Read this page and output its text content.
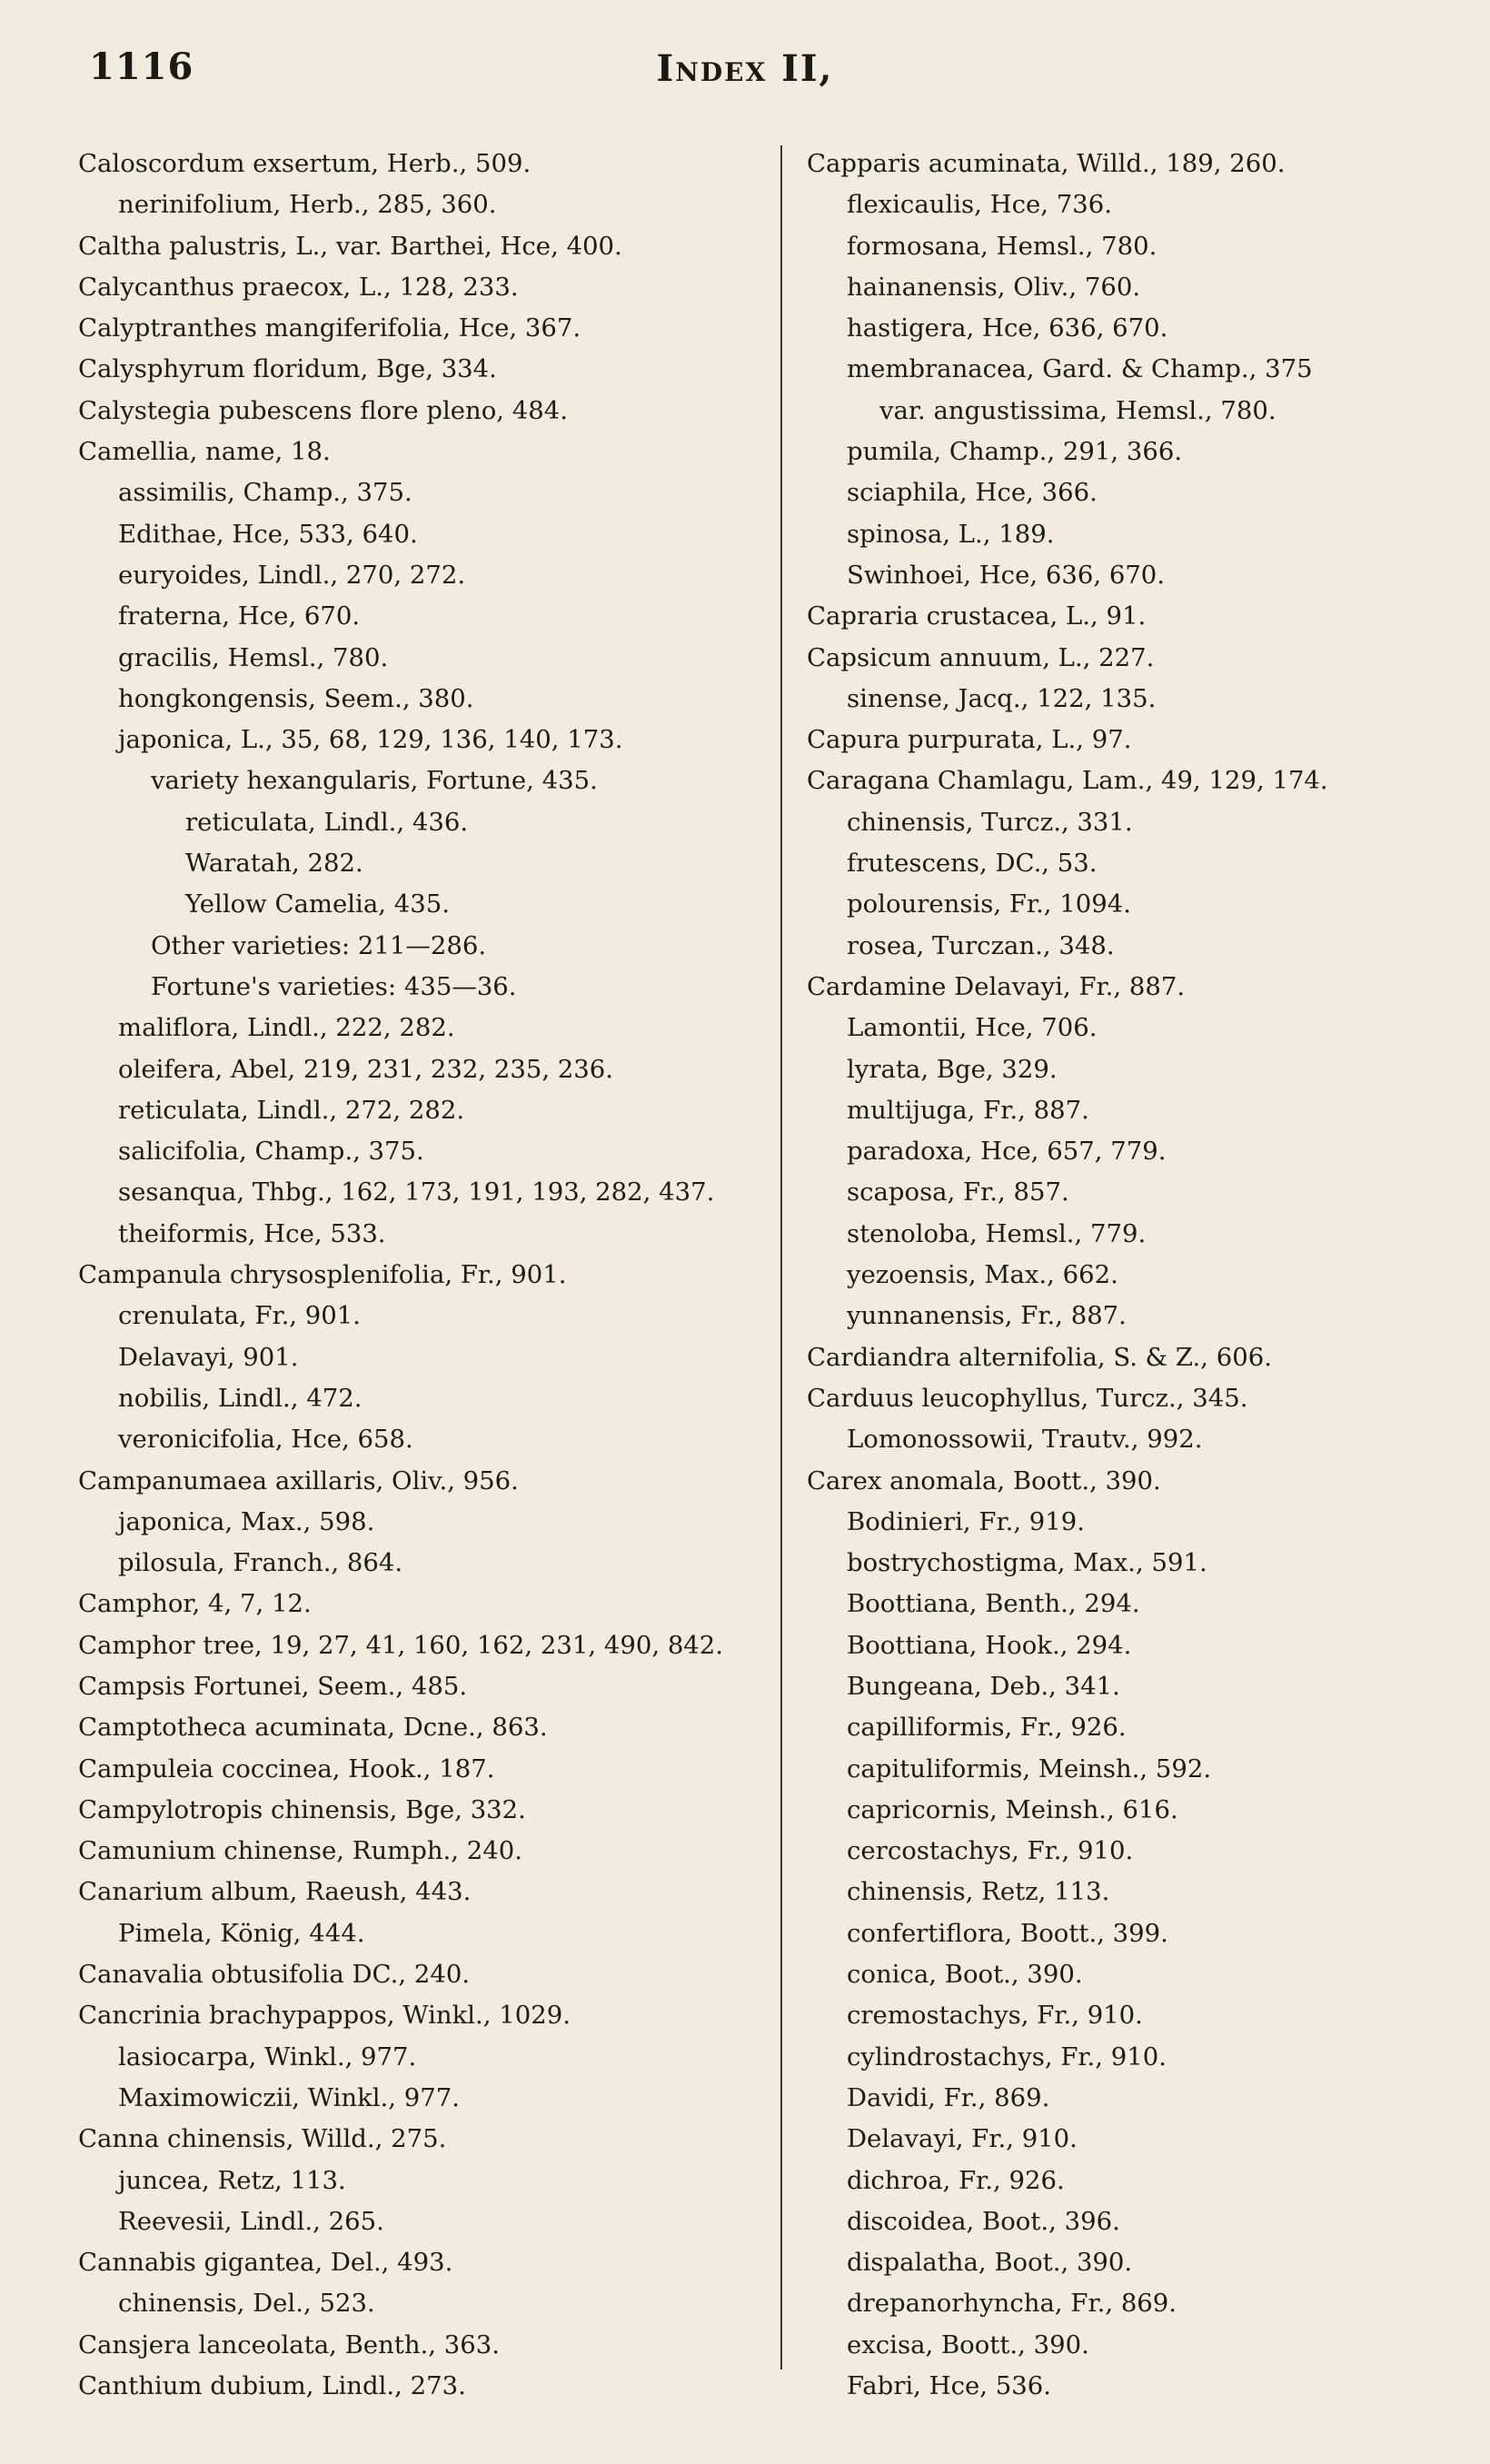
1116	Index II,
Caloscordum exsertum, Herb., 509.
nerinifolium, Herb., 285, 360.
Caltha palustris, L., var. Barthei, Hce, 400.
Calycanthus praecox, L., 128, 233.
Calyptranthes mangiferifolia, Hce, 367.
Calysphyrum floridum, Bge, 334.
Calystegia pubescens flore pleno, 484.
Camellia, name, 18.
assimilis, Champ., 375.
Edithae, Hce, 533, 640.
euryoides, Lindl., 270, 272.
fraterna, Hce, 670.
gracilis, Hemsl., 780.
hongkongensis, Seem., 380.
japonica, L., 35, 68, 129, 136, 140, 173.
variety hexangularis, Fortune, 435.
reticulata, Lindl., 436.
Waratah, 282.
Yellow Camelia, 435.
Other varieties: 211—286.
Fortune's varieties: 435—36.
maliflora, Lindl., 222, 282.
oleifera, Abel, 219, 231, 232, 235, 236.
reticulata, Lindl., 272, 282.
salicifolia, Champ., 375.
sesanqua, Thbg., 162, 173, 191, 193, 282, 437.
theiformis, Hce, 533.
Campanula chrysosplenifolia, Fr., 901.
crenulata, Fr., 901.
Delavayi, 901.
nobilis, Lindl., 472.
veronicifolia, Hce, 658.
Campanumaea axillaris, Oliv., 956.
japonica, Max., 598.
pilosula, Franch., 864.
Camphor, 4, 7, 12.
Camphor tree, 19, 27, 41, 160, 162, 231, 490, 842.
Campsis Fortunei, Seem., 485.
Camptotheca acuminata, Dcne., 863.
Campuleia coccinea, Hook., 187.
Campylotropis chinensis, Bge, 332.
Camunium chinense, Rumph., 240.
Canarium album, Raeush, 443.
Pimela, König, 444.
Canavalia obtusifolia DC., 240.
Cancrinia brachypappos, Winkl., 1029.
lasiocarpa, Winkl., 977.
Maximowiczii, Winkl., 977.
Canna chinensis, Willd., 275.
juncea, Retz, 113.
Reevesii, Lindl., 265.
Cannabis gigantea, Del., 493.
chinensis, Del., 523.
Cansjera lanceolata, Benth., 363.
Canthium dubium, Lindl., 273.
Capparis acuminata, Willd., 189, 260.
flexicaulis, Hce, 736.
formosana, Hemsl., 780.
hainanensis, Oliv., 760.
hastigera, Hce, 636, 670.
membranacea, Gard. & Champ., 375
var. angustissima, Hemsl., 780.
pumila, Champ., 291, 366.
sciaphila, Hce, 366.
spinosa, L., 189.
Swinhoei, Hce, 636, 670.
Capraria crustacea, L., 91.
Capsicum annuum, L., 227.
sinense, Jacq., 122, 135.
Capura purpurata, L., 97.
Caragana Chamlagu, Lam., 49, 129, 174.
chinensis, Turcz., 331.
frutescens, DC., 53.
polourensis, Fr., 1094.
rosea, Turczan., 348.
Cardamine Delavayi, Fr., 887.
Lamontii, Hce, 706.
lyrata, Bge, 329.
multijuga, Fr., 887.
paradoxa, Hce, 657, 779.
scaposa, Fr., 857.
stenoloba, Hemsl., 779.
yezoensis, Max., 662.
yunnanensis, Fr., 887.
Cardiandra alternifolia, S. & Z., 606.
Carduus leucophyllus, Turcz., 345.
Lomonossowii, Trautv., 992.
Carex anomala, Boott., 390.
Bodinieri, Fr., 919.
bostrychostigma, Max., 591.
Boottiana, Benth., 294.
Boottiana, Hook., 294.
Bungeana, Deb., 341.
capilliformis, Fr., 926.
capituliformis, Meinsh., 592.
capricornis, Meinsh., 616.
cercostachys, Fr., 910.
chinensis, Retz, 113.
confertiflora, Boott., 399.
conica, Boot., 390.
cremostachys, Fr., 910.
cylindrostachys, Fr., 910.
Davidi, Fr., 869.
Delavayi, Fr., 910.
dichroa, Fr., 926.
discoidea, Boot., 396.
dispalatha, Boot., 390.
drepanorhyncha, Fr., 869.
excisa, Boott., 390.
Fabri, Hce, 536.
